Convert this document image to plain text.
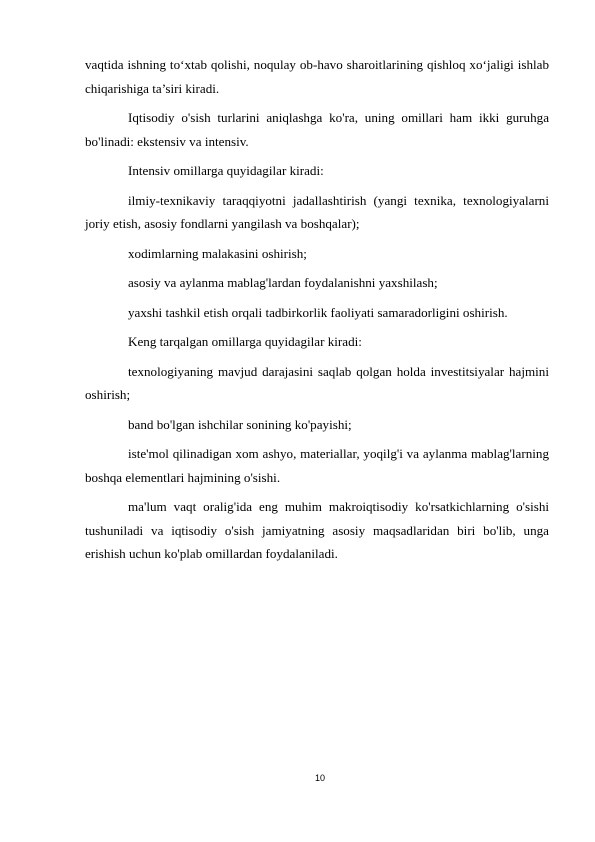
vaqtida ishning to‘xtab qolishi, noqulay ob-havo sharoitlarining qishloq xo‘jaligi ishlab chiqarishiga ta’siri kiradi.

Iqtisodiy o'sish turlarini aniqlashga ko'ra, uning omillari ham ikki guruhga bo'linadi: ekstensiv va intensiv.

Intensiv omillarga quyidagilar kiradi:

ilmiy-texnikaviy taraqqiyotni jadallashtirish (yangi texnika, texnologiyalarni joriy etish, asosiy fondlarni yangilash va boshqalar);

xodimlarning malakasini oshirish;

asosiy va aylanma mablag'lardan foydalanishni yaxshilash;

yaxshi tashkil etish orqali tadbirkorlik faoliyati samaradorligini oshirish.

Keng tarqalgan omillarga quyidagilar kiradi:

texnologiyaning mavjud darajasini saqlab qolgan holda investitsiyalar hajmini oshirish;

band bo'lgan ishchilar sonining ko'payishi;

iste'mol qilinadigan xom ashyo, materiallar, yoqilg'i va aylanma mablag'larning boshqa elementlari hajmining o'sishi.

ma'lum vaqt oralig'ida eng muhim makroiqtisodiy ko'rsatkichlarning o'sishi tushuniladi va iqtisodiy o'sish jamiyatning asosiy maqsadlaridan biri bo'lib, unga erishish uchun ko'plab omillardan foydalaniladi.

10
